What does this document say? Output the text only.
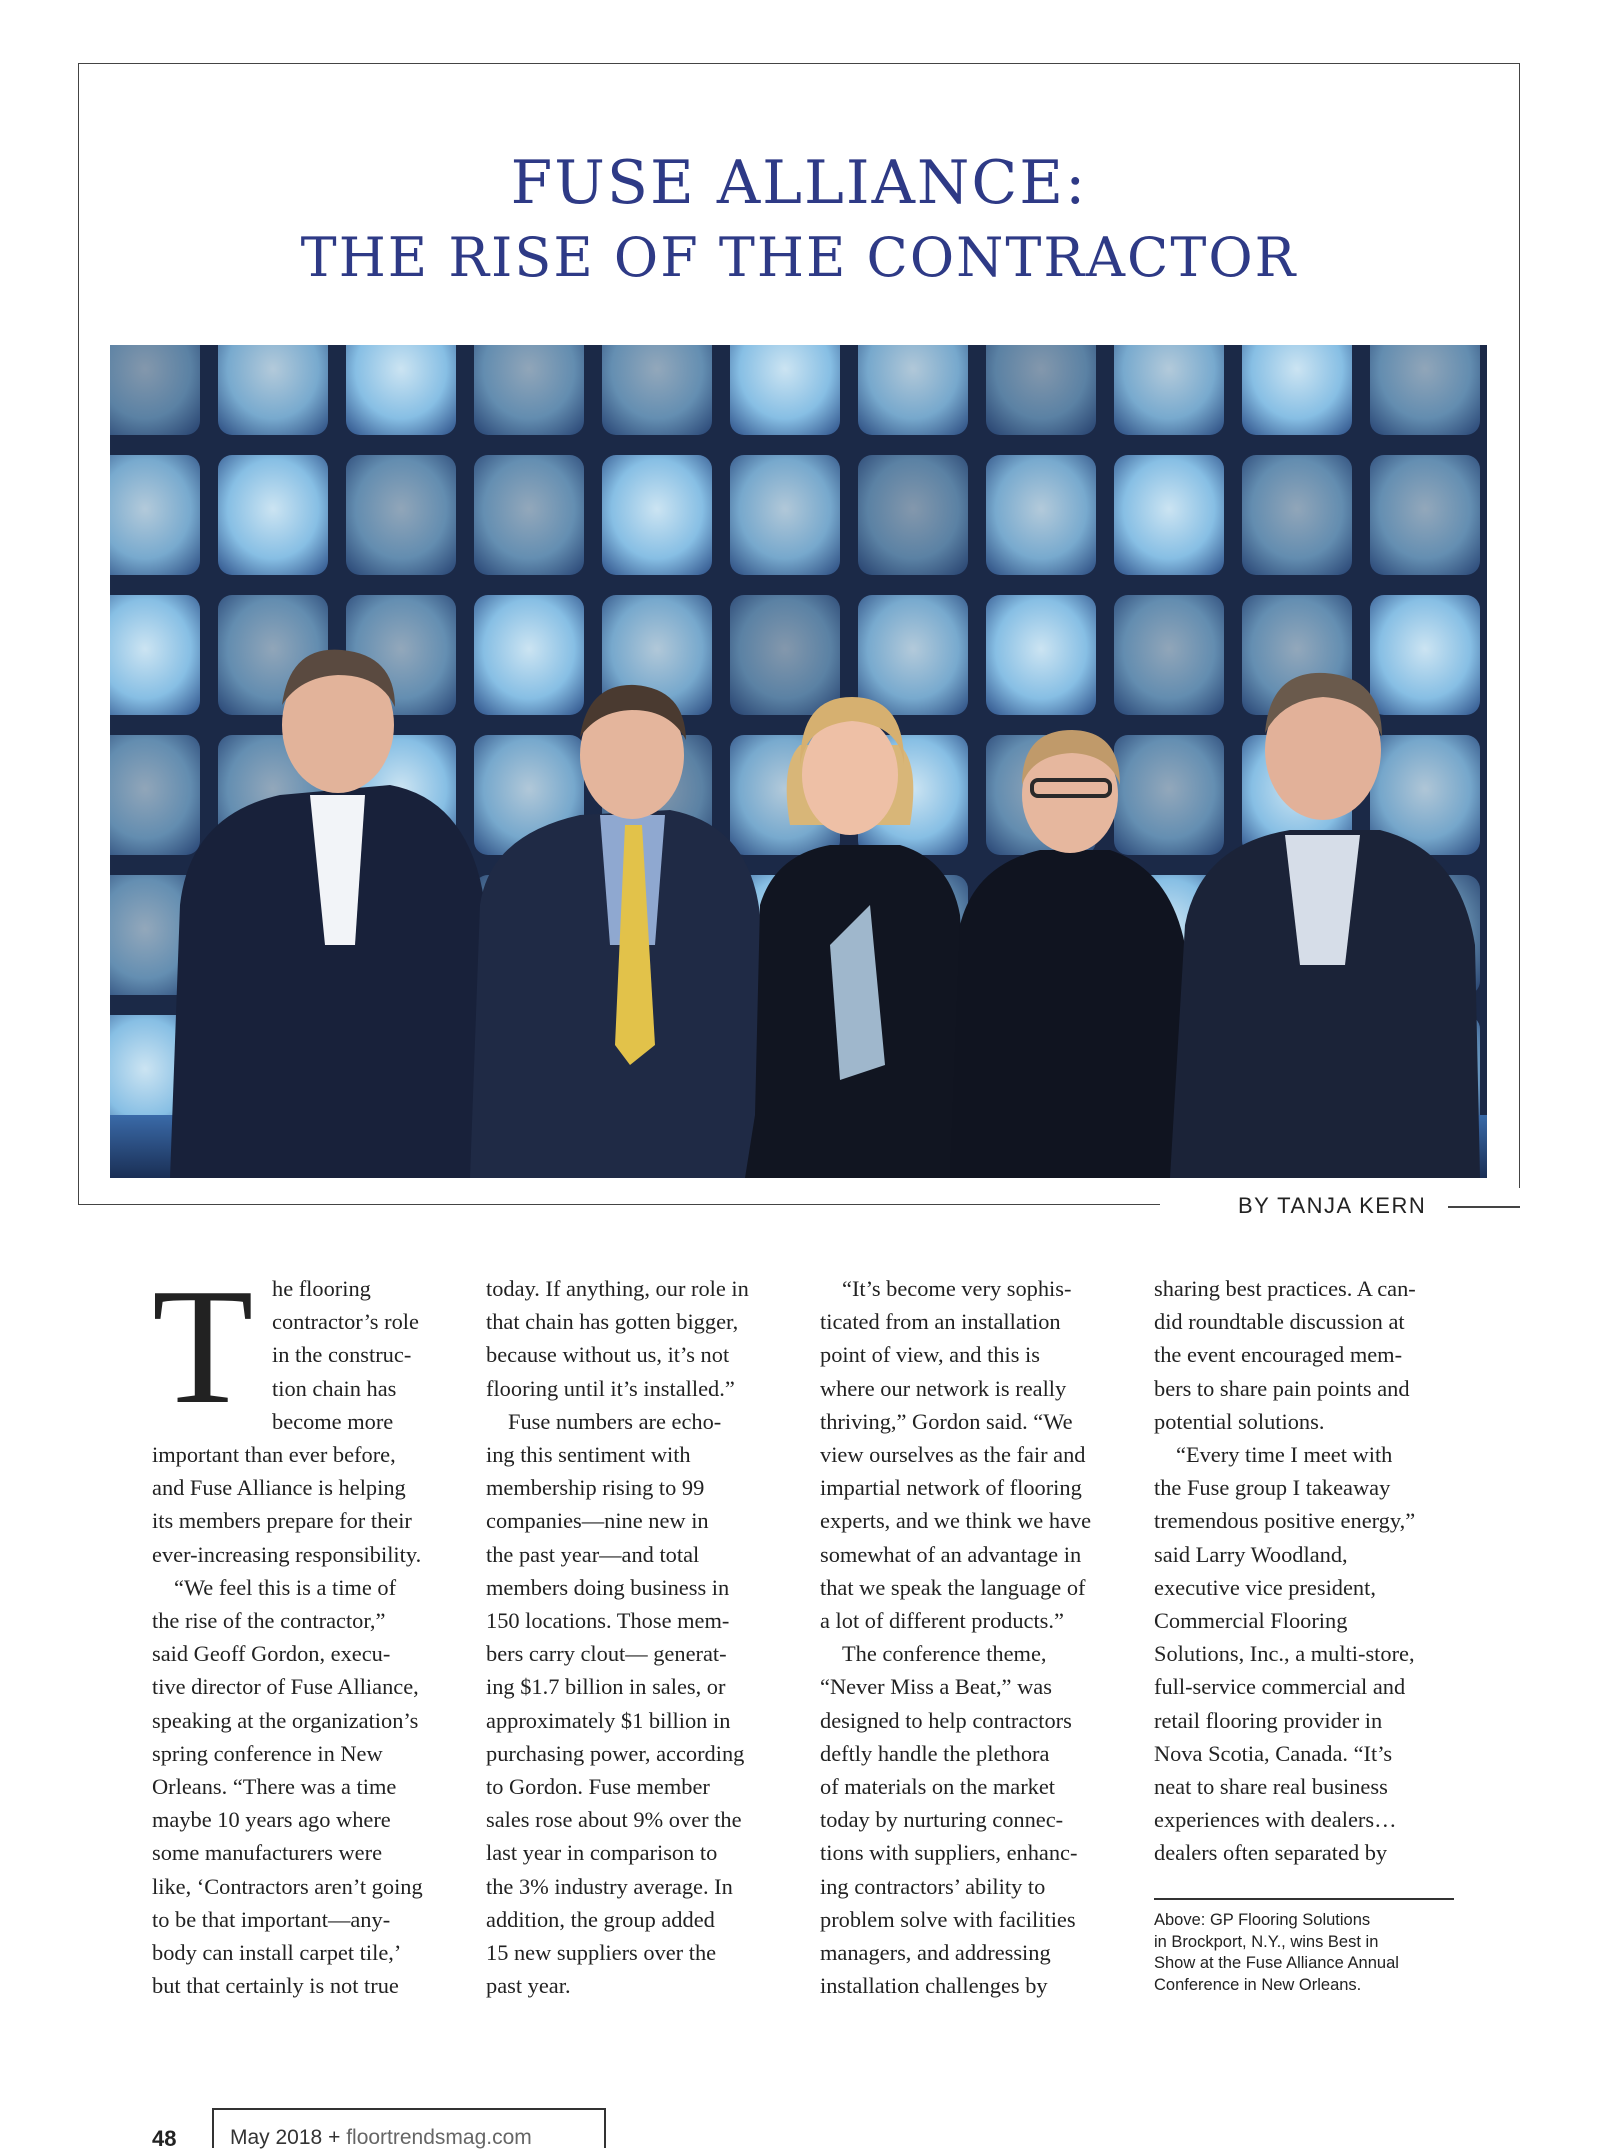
FUSE ALLIANCE:
THE RISE OF THE CONTRACTOR
BY TANJA KERN
T he flooring

contractor’s role

in the construc-

tion chain has

become more

important than ever before,

and Fuse Alliance is helping

its members prepare for their

ever-increasing responsibility.

“We feel this is a time of

the rise of the contractor,”

said Geoff Gordon, execu-

tive director of Fuse Alliance,

speaking at the organization’s

spring conference in New

Orleans. “There was a time

maybe 10 years ago where

some manufacturers were

like, ‘Contractors aren’t going

to be that important—any-

body can install carpet tile,’

but that certainly is not true

today. If anything, our role in

that chain has gotten bigger,

because without us, it’s not

flooring until it’s installed.”

Fuse numbers are echo-

ing this sentiment with

membership rising to 99

companies—nine new in

the past year—and total

members doing business in

150 locations. Those mem-

bers carry clout— generat-

ing $1.7 billion in sales, or

approximately $1 billion in

purchasing power, according

to Gordon. Fuse member

sales rose about 9% over the

last year in comparison to

the 3% industry average. In

addition, the group added

15 new suppliers over the

past year.

“It’s become very sophis-

ticated from an installation

point of view, and this is

where our network is really

thriving,” Gordon said. “We

view ourselves as the fair and

impartial network of flooring

experts, and we think we have

somewhat of an advantage in

that we speak the language of

a lot of different products.”

The conference theme,

“Never Miss a Beat,” was

designed to help contractors

deftly handle the plethora

of materials on the market

today by nurturing connec-

tions with suppliers, enhanc-

ing contractors’ ability to

problem solve with facilities

managers, and addressing

installation challenges by

sharing best practices. A can-

did roundtable discussion at

the event encouraged mem-

bers to share pain points and

potential solutions.

“Every time I meet with

the Fuse group I takeaway

tremendous positive energy,”

said Larry Woodland,

executive vice president,

Commercial Flooring

Solutions, Inc., a multi-store,

full-service commercial and

retail flooring provider in

Nova Scotia, Canada. “It’s

neat to share real business

experiences with dealers…

dealers often separated by

Above: GP Flooring Solutions
in Brockport, N.Y., wins Best in
Show at the Fuse Alliance Annual
Conference in New Orleans.
48	May 2018 + floortrendsmag.com
